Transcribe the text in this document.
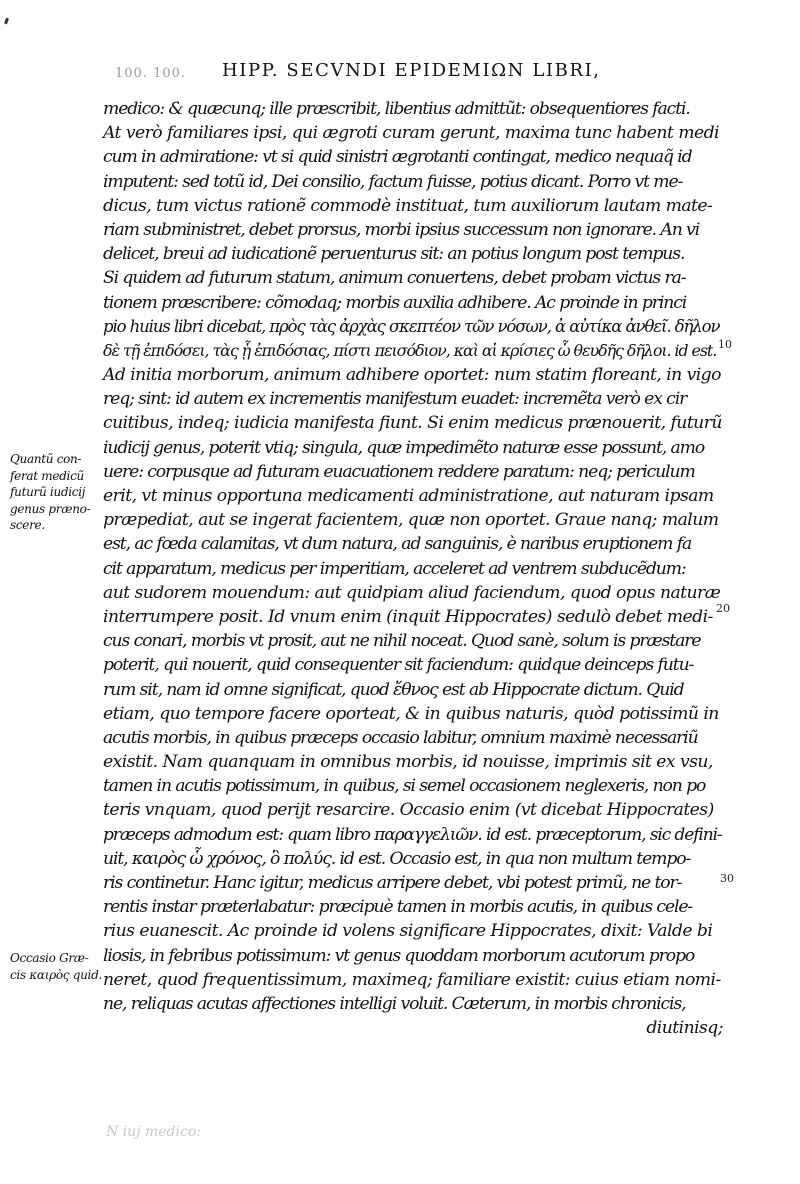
100. 100. HIPP. SECVNDI EPIDEMIΩN LIBRI,
medico: & quæcunq; ille præscribit, libentius admittũt: obsequentiores facti.
At verò familiares ipsi, qui ægroti curam gerunt, maxima tunc habent medi
cum in admiratione: vt si quid sinistri ægrotanti contingat, medico nequaq̃ id
imputent: sed totũ id, Dei consilio, factum fuisse, potius dicant. Porro vt me-
dicus, tum victus rationẽ commodè instituat, tum auxiliorum lautam mate-
riam subministret, debet prorsus, morbi ipsius successum non ignorare. An vi
delicet, breui ad iudicationẽ peruenturus sit: an potius longum post tempus.
Si quidem ad futurum statum, animum conuertens, debet probam victus ra-
tionem præscribere: cõmodaq; morbis auxilia adhibere. Ac proinde in princi
pio huius libri dicebat, πρὸς τὰς ἀρχὰς σκεπτέον τῶν νόσων, ἀ αὐτίκα ἀνθεῖ. δῆλον
δὲ τῇ ἐπιδόσει, τὰς ᾗ ἐπιδόσιας, πίστι πεισόδιον, καὶ αἱ κρίσιες ὧ θευδῆς δῆλοι. id est.
Ad initia morborum, animum adhibere oportet: num statim floreant, in vigo
req; sint: id autem ex incrementis manifestum euadet: incremẽta verò ex cir
cuitibus, indeq; iudicia manifesta fiunt. Si enim medicus prænouerit, futurũ
iudicij genus, poterit vtiq; singula, quæ impedimẽto naturæ esse possunt, amo
uere: corpusque ad futuram euacuationem reddere paratum: neq; periculum
erit, vt minus opportuna medicamenti administratione, aut naturam ipsam
præpediat, aut se ingerat facientem, quæ non oportet. Graue nanq; malum
est, ac fœda calamitas, vt dum natura, ad sanguinis, è naribus eruptionem fa
cit apparatum, medicus per imperitiam, acceleret ad ventrem subducẽdum:
aut sudorem mouendum: aut quidpiam aliud faciendum, quod opus naturæ
interrumpere posit. Id vnum enim (inquit Hippocrates) sedulò debet medi-
cus conari, morbis vt prosit, aut ne nihil noceat. Quod sanè, solum is præstare
poterit, qui nouerit, quid consequenter sit faciendum: quidque deinceps futu-
rum sit, nam id omne significat, quod ἔθνος est ab Hippocrate dictum. Quid
etiam, quo tempore facere oporteat, & in quibus naturis, quòd potissimũ in
acutis morbis, in quibus præceps occasio labitur, omnium maximè necessariũ
existit. Nam quanquam in omnibus morbis, id nouisse, imprimis sit ex vsu,
tamen in acutis potissimum, in quibus, si semel occasionem neglexeris, non po
teris vnquam, quod perijt resarcire. Occasio enim (vt dicebat Hippocrates)
præceps admodum est: quam libro παραγγελιῶν. id est. præceptorum, sic defini-
uit, καιρὸς ὧ χρόνος, ὃ πολύς. id est. Occasio est, in qua non multum tempo-
ris continetur. Hanc igitur, medicus arripere debet, vbi potest primũ, ne tor-
rentis instar præterlabatur: præcipuè tamen in morbis acutis, in quibus cele-
rius euanescit. Ac proinde id volens significare Hippocrates, dixit: Valde bi
liosis, in febribus potissimum: vt genus quoddam morborum acutorum propo
neret, quod frequentissimum, maximeq; familiare existit: cuius etiam nomi-
ne, reliquas acutas affectiones intelligi voluit. Cæterum, in morbis chronicis,
diutinisq;
Quantũ con-
ferat medicũ
futurũ iudicij
genus præno-
scere.
Occasio Græ-
cis καιρὸς quid.
10
20
30
N iuj medico:
